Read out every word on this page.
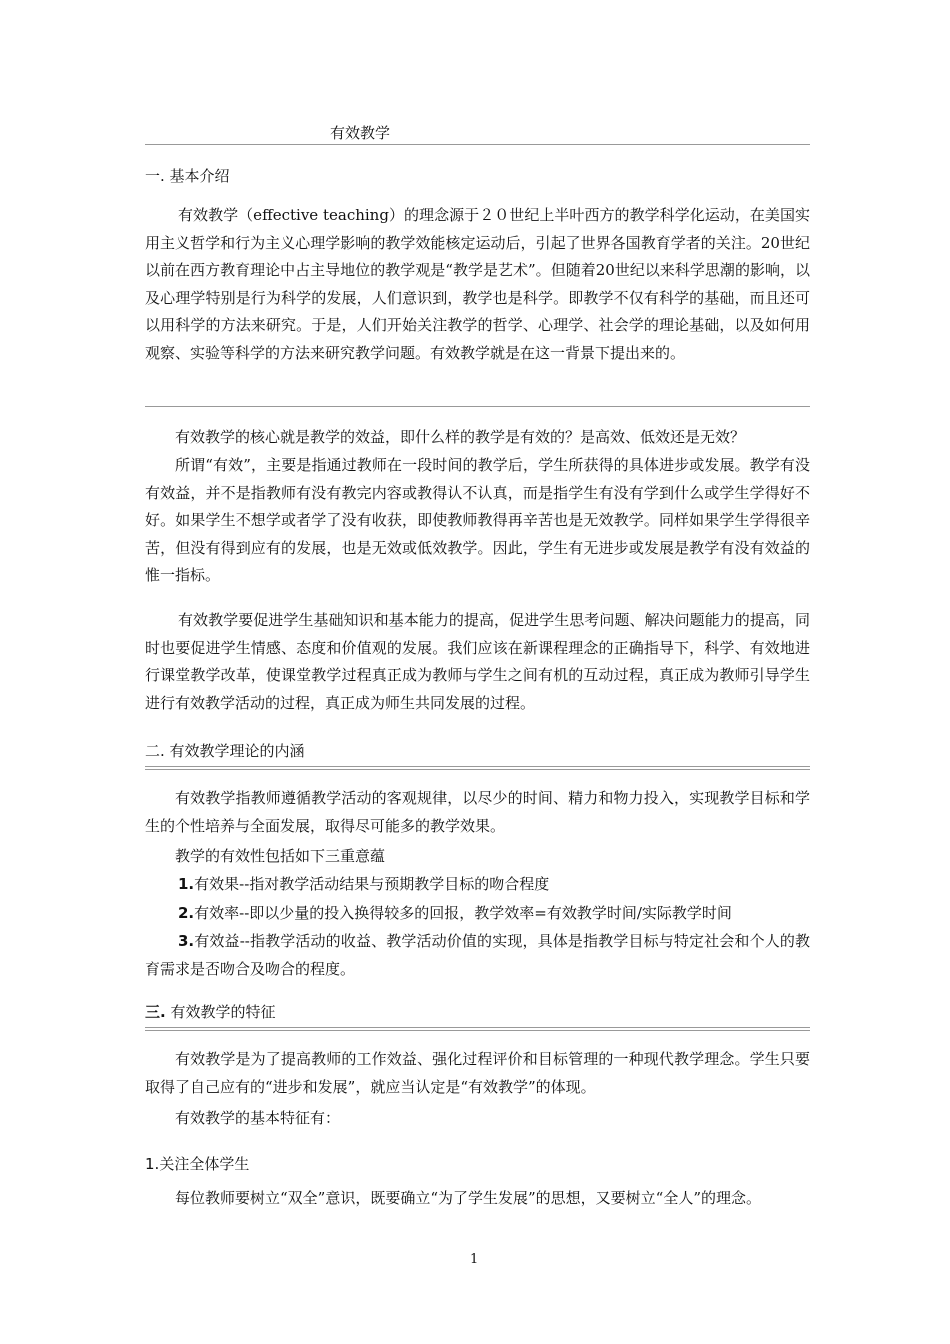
有效教学
一. 基本介绍
有效教学（effective teaching）的理念源于２０世纪上半叶西方的教学科学化运动，在美国实用主义哲学和行为主义心理学影响的教学效能核定运动后，引起了世界各国教育学者的关注。20世纪以前在西方教育理论中占主导地位的教学观是“教学是艺术”。但随着20世纪以来科学思潮的影响，以及心理学特别是行为科学的发展，人们意识到，教学也是科学。即教学不仅有科学的基础，而且还可以用科学的方法来研究。于是，人们开始关注教学的哲学、心理学、社会学的理论基础，以及如何用观察、实验等科学的方法来研究教学问题。有效教学就是在这一背景下提出来的。
有效教学的核心就是教学的效益，即什么样的教学是有效的？是高效、低效还是无效？
所谓“有效”，主要是指通过教师在一段时间的教学后，学生所获得的具体进步或发展。教学有没有效益，并不是指教师有没有教完内容或教得认不认真，而是指学生有没有学到什么或学生学得好不好。如果学生不想学或者学了没有收获，即使教师教得再辛苦也是无效教学。同样如果学生学得很辛苦，但没有得到应有的发展，也是无效或低效教学。因此，学生有无进步或发展是教学有没有效益的惟一指标。
有效教学要促进学生基础知识和基本能力的提高，促进学生思考问题、解决问题能力的提高，同时也要促进学生情感、态度和价值观的发展。我们应该在新课程理念的正确指导下，科学、有效地进行课堂教学改革，使课堂教学过程真正成为教师与学生之间有机的互动过程，真正成为教师引导学生进行有效教学活动的过程，真正成为师生共同发展的过程。
二. 有效教学理论的内涵
有效教学指教师遵循教学活动的客观规律，以尽少的时间、精力和物力投入，实现教学目标和学生的个性培养与全面发展，取得尽可能多的教学效果。
教学的有效性包括如下三重意蕴
1.有效果--指对教学活动结果与预期教学目标的吻合程度
2.有效率--即以少量的投入换得较多的回报，教学效率=有效教学时间/实际教学时间
3.有效益--指教学活动的收益、教学活动价值的实现，具体是指教学目标与特定社会和个人的教育需求是否吻合及吻合的程度。
三. 有效教学的特征
有效教学是为了提高教师的工作效益、强化过程评价和目标管理的一种现代教学理念。学生只要取得了自己应有的“进步和发展”，就应当认定是“有效教学”的体现。
有效教学的基本特征有：
1.关注全体学生
每位教师要树立“双全”意识，既要确立“为了学生发展”的思想，又要树立“全人”的理念。
1
